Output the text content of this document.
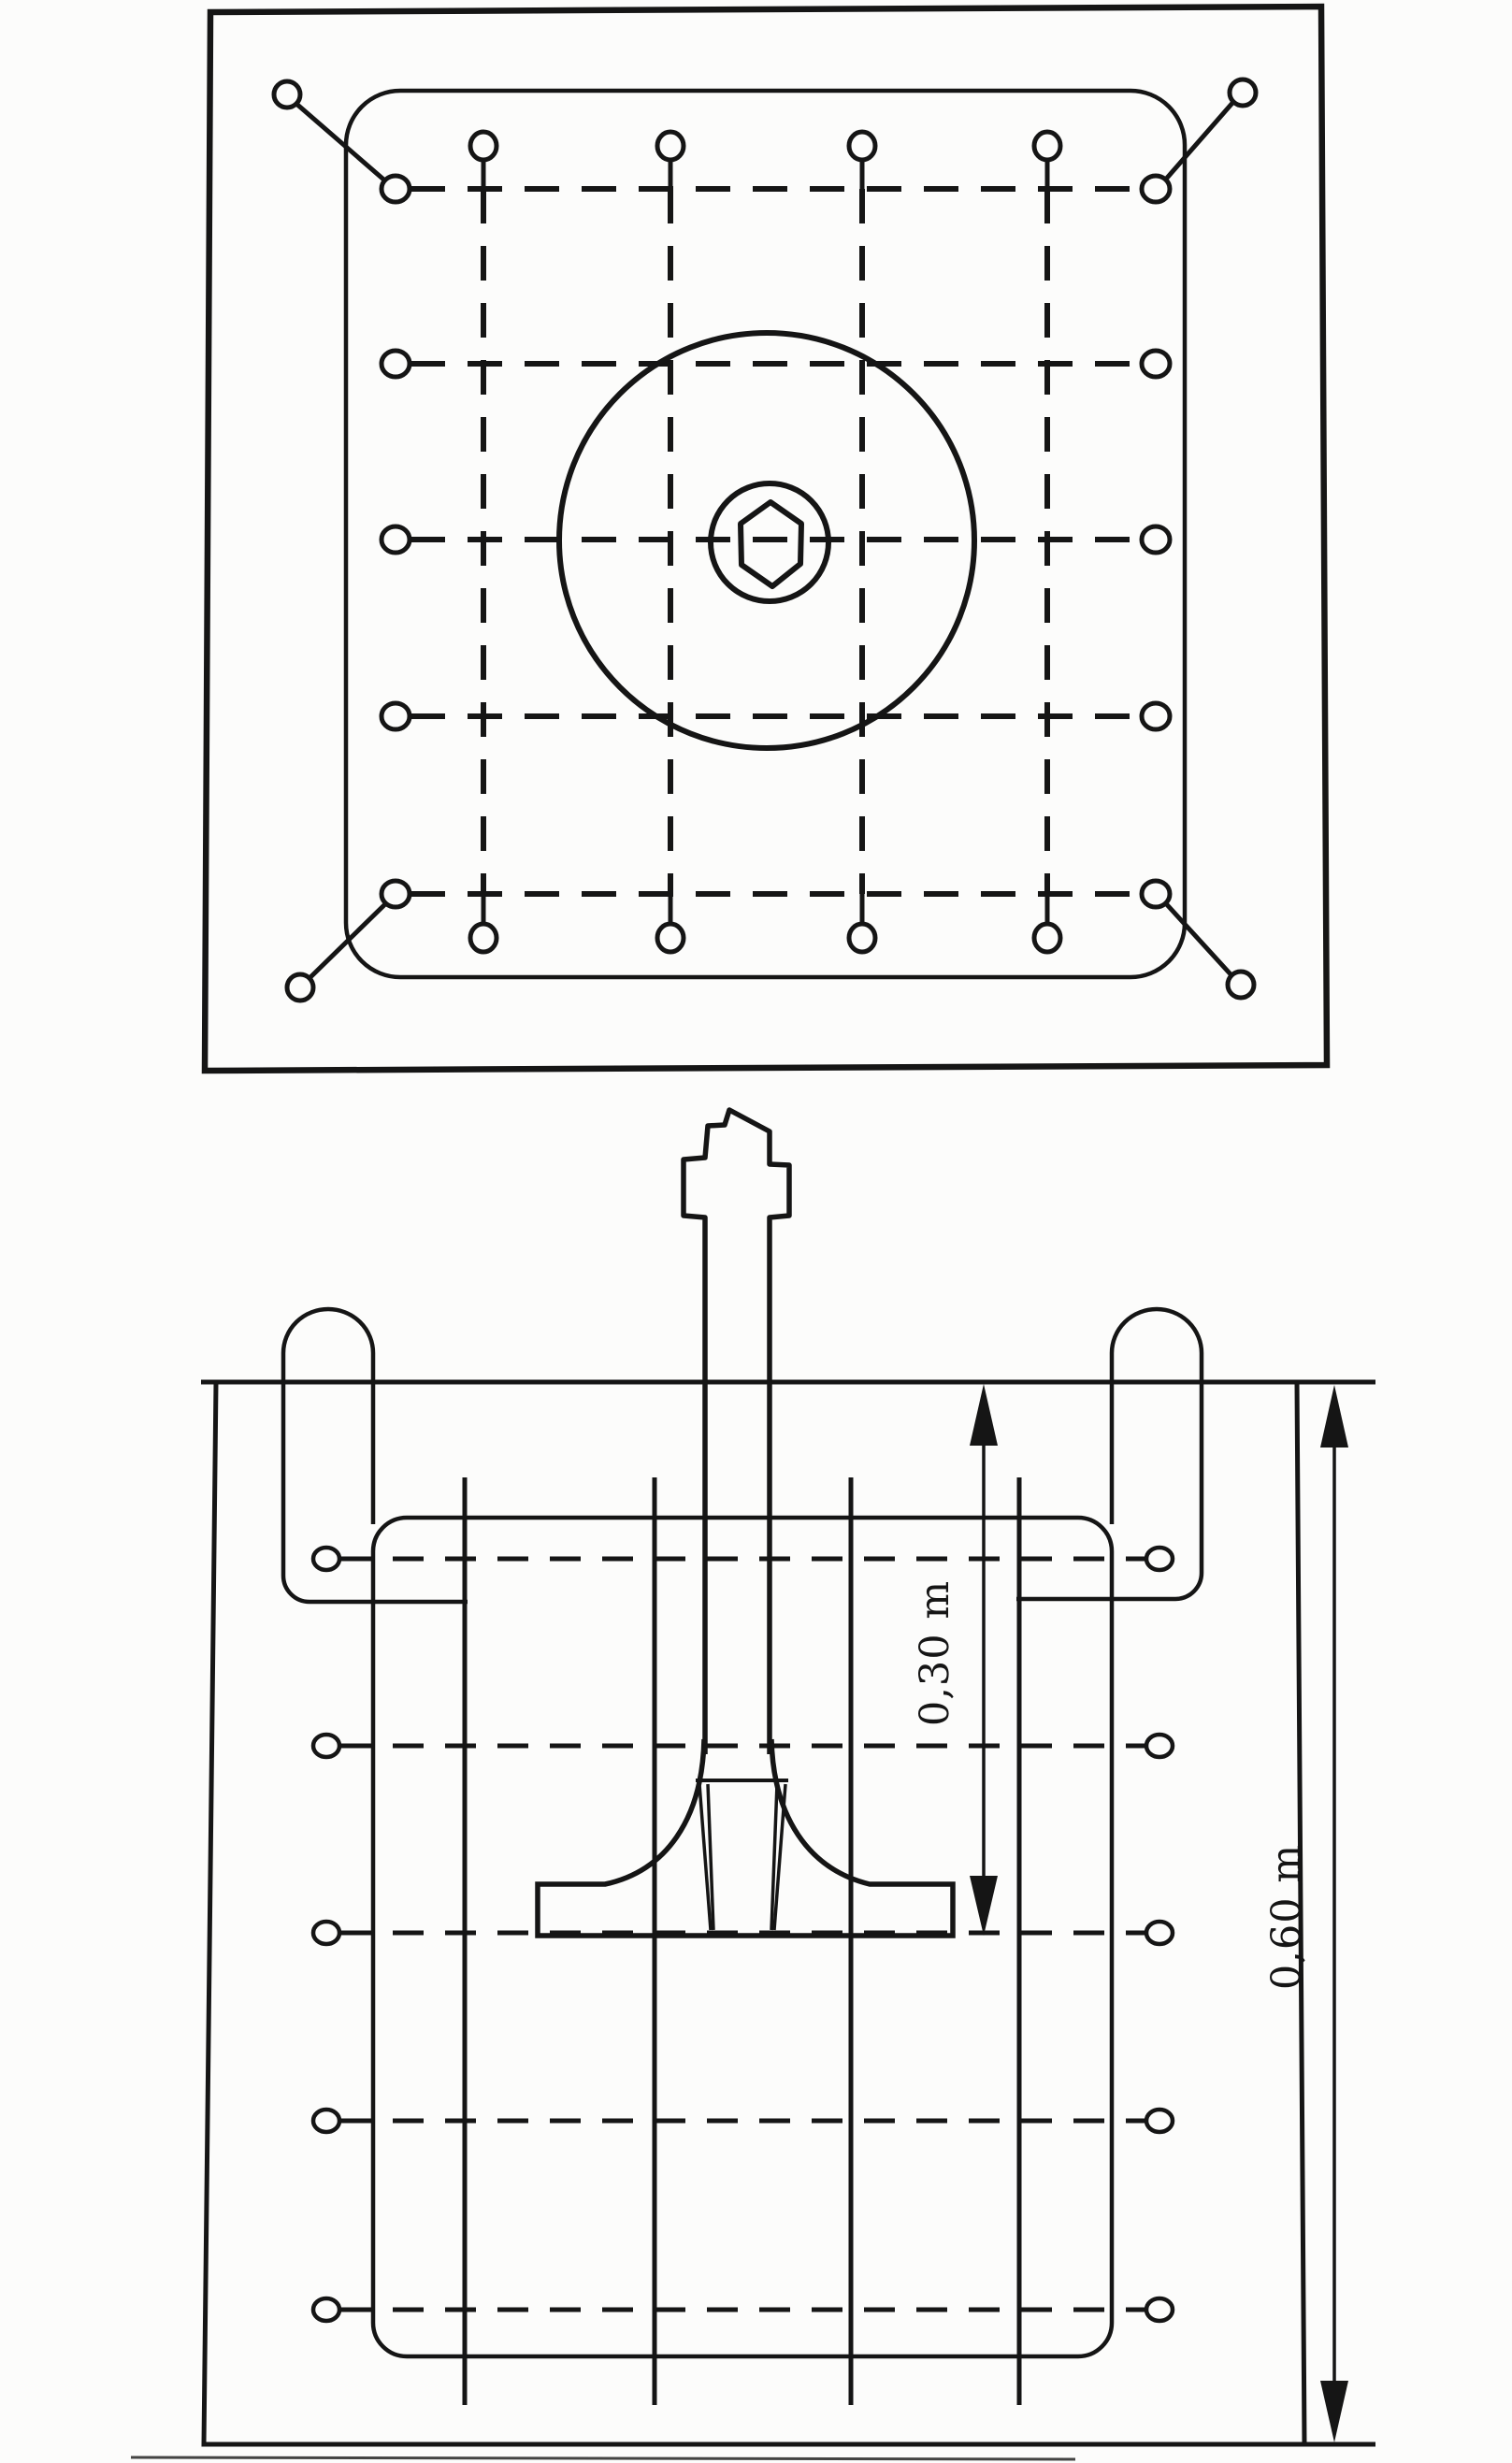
0,30 m
0,60 m
